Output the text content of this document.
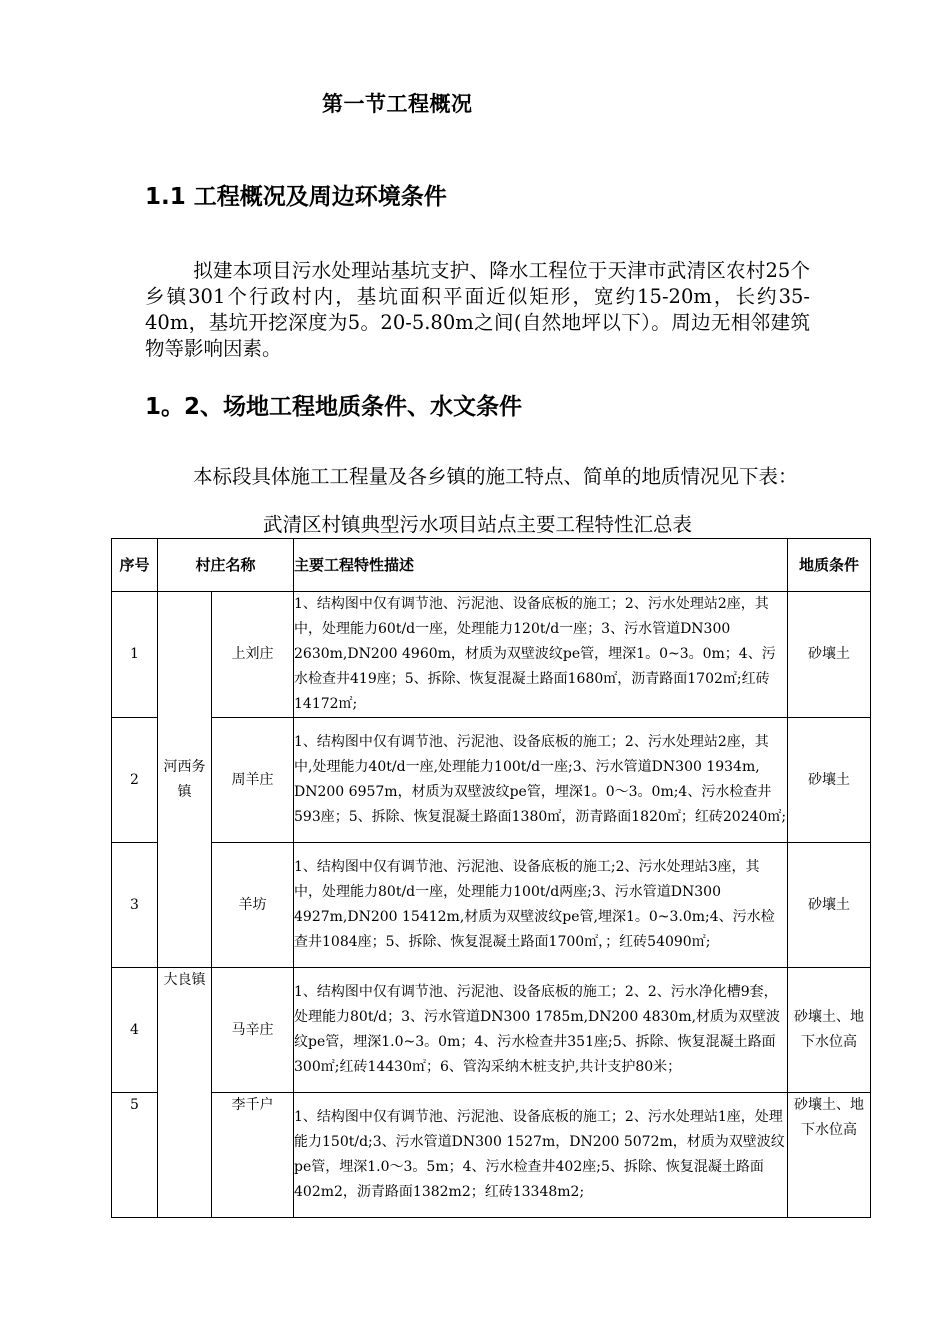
第一节工程概况
1.1 工程概况及周边环境条件
拟建本项目污水处理站基坑支护、降水工程位于天津市武清区农村25个乡镇301个行政村内，基坑面积平面近似矩形，宽约15-20m，长约35-40m，基坑开挖深度为5。20-5.80m之间(自然地坪以下）。周边无相邻建筑物等影响因素。
1。2、场地工程地质条件、水文条件
本标段具体施工工程量及各乡镇的施工特点、简单的地质情况见下表：
武清区村镇典型污水项目站点主要工程特性汇总表
序号	村庄名称		主要工程特性描述	地质条件
1	河西务镇	上刘庄	1、结构图中仅有调节池、污泥池、设备底板的施工；2、污水处理站2座，其中，处理能力60t/d一座，处理能力120t/d一座；3、污水管道DN300 2630m,DN200 4960m，材质为双壁波纹pe管，埋深1。0~3。0m；4、污水检查井419座；5、拆除、恢复混凝土路面1680㎡，沥青路面1702㎡;红砖14172㎡;	砂壤土
2		周羊庄	1、结构图中仅有调节池、污泥池、设备底板的施工；2、污水处理站2座，其中,处理能力40t/d一座,处理能力100t/d一座;3、污水管道DN300 1934m, DN200 6957m，材质为双壁波纹pe管，埋深1。0～3。0m;4、污水检查井593座；5、拆除、恢复混凝土路面1380㎡，沥青路面1820㎡；红砖20240㎡;	砂壤土
3		羊坊	1、结构图中仅有调节池、污泥池、设备底板的施工;2、污水处理站3座，其中，处理能力80t/d一座，处理能力100t/d两座;3、污水管道DN300 4927m,DN200 15412m,材质为双壁波纹pe管,埋深1。0~3.0m;4、污水检查井1084座；5、拆除、恢复混凝土路面1700㎡，；红砖54090㎡;	砂壤土
4	大良镇	马辛庄	1、结构图中仅有调节池、污泥池、设备底板的施工；2、2、污水净化槽9套，处理能力80t/d；3、污水管道DN300 1785m,DN200 4830m,材质为双壁波纹pe管，埋深1.0~3。0m；4、污水检查井351座;5、拆除、恢复混凝土路面300㎡;红砖14430㎡；6、管沟采纳木桩支护,共计支护80米；	砂壤土、地下水位高
5		李千户	1、结构图中仅有调节池、污泥池、设备底板的施工；2、污水处理站1座，处理能力150t/d;3、污水管道DN300 1527m，DN200 5072m，材质为双壁波纹pe管，埋深1.0～3。5m；4、污水检查井402座;5、拆除、恢复混凝土路面402m2，沥青路面1382m2；红砖13348m2;	砂壤土、地下水位高
